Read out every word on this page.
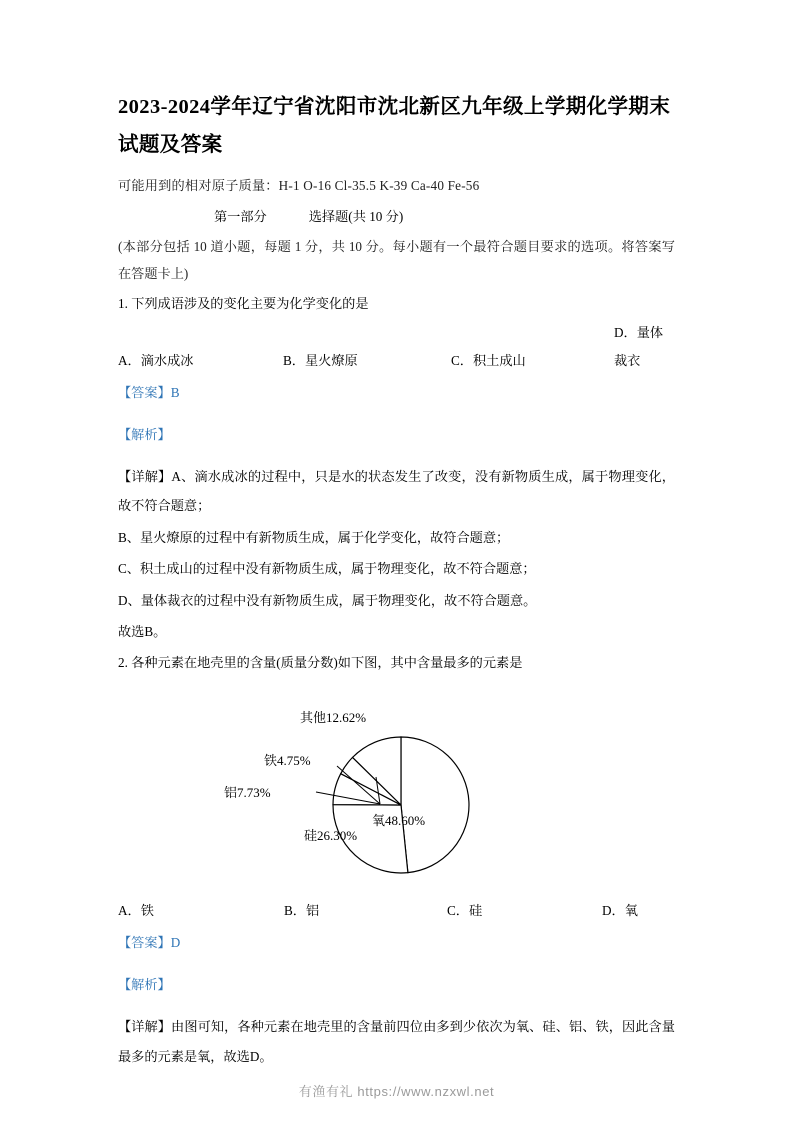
2023-2024学年辽宁省沈阳市沈北新区九年级上学期化学期末试题及答案

可能用到的相对原子质量：H-1 O-16 Cl-35.5 K-39 Ca-40 Fe-56

第一部分	选择题(共 10 分)

(本部分包括 10 道小题，每题 1 分，共 10 分。每小题有一个最符合题目要求的选项。将答案写在答题卡上)

1. 下列成语涉及的变化主要为化学变化的是

A．滴水成冰	B．星火燎原	C．积土成山D．量体裁衣

【答案】B

【解析】

【详解】A、滴水成冰的过程中，只是水的状态发生了改变，没有新物质生成，属于物理变化，故不符合题意；

B、星火燎原的过程中有新物质生成，属于化学变化，故符合题意；

C、积土成山的过程中没有新物质生成，属于物理变化，故不符合题意；

D、量体裁衣的过程中没有新物质生成，属于物理变化，故不符合题意。

故选B。

2. 各种元素在地壳里的含量(质量分数)如下图，其中含量最多的元素是

其他12.62%
铁4.75%
铝7.73%
硅26.30%
氧48.60%
A．铁	B．铝	C．硅	D．氧

【答案】D

【解析】

【详解】由图可知，各种元素在地壳里的含量前四位由多到少依次为氧、硅、铝、铁，因此含量最多的元素是氧，故选D。

有渔有礼 https://www.nzxwl.net
